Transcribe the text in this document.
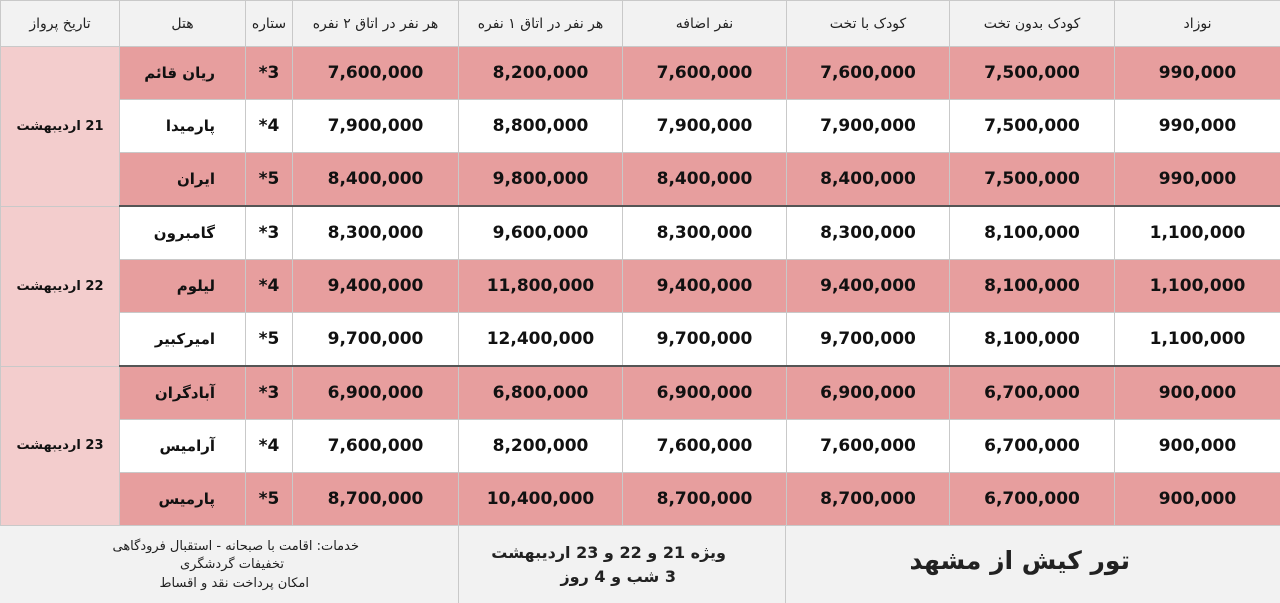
نوزاد	کودک بدون تخت	کودک با تخت	نفر اضافه	هر نفر در اتاق ۱ نفره	هر نفر در اتاق ۲ نفره	ستاره	هتل	تاریخ پرواز
990,000	7,500,000	7,600,000	7,600,000	8,200,000	7,600,000	3*	ریان قائم	21 اردیبهشت
990,000	7,500,000	7,900,000	7,900,000	8,800,000	7,900,000	4*	پارمیدا	
990,000	7,500,000	8,400,000	8,400,000	9,800,000	8,400,000	5*	ایران	
1,100,000	8,100,000	8,300,000	8,300,000	9,600,000	8,300,000	3*	گامبرون	22 اردیبهشت
1,100,000	8,100,000	9,400,000	9,400,000	11,800,000	9,400,000	4*	لیلوم	
1,100,000	8,100,000	9,700,000	9,700,000	12,400,000	9,700,000	5*	امیرکبیر	
900,000	6,700,000	6,900,000	6,900,000	6,800,000	6,900,000	3*	آبادگران	23 اردیبهشت
900,000	6,700,000	7,600,000	7,600,000	8,200,000	7,600,000	4*	آرامیس	
900,000	6,700,000	8,700,000	8,700,000	10,400,000	8,700,000	5*	پارمیس	
تور کیش از مشهد
ویژه 21 و 22 و 23 اردیبهشت
3 شب و 4 روز
خدمات: اقامت با صبحانه - استقبال فرودگاهی
تخفیفات گردشگری
امکان پرداخت نقد و اقساط
